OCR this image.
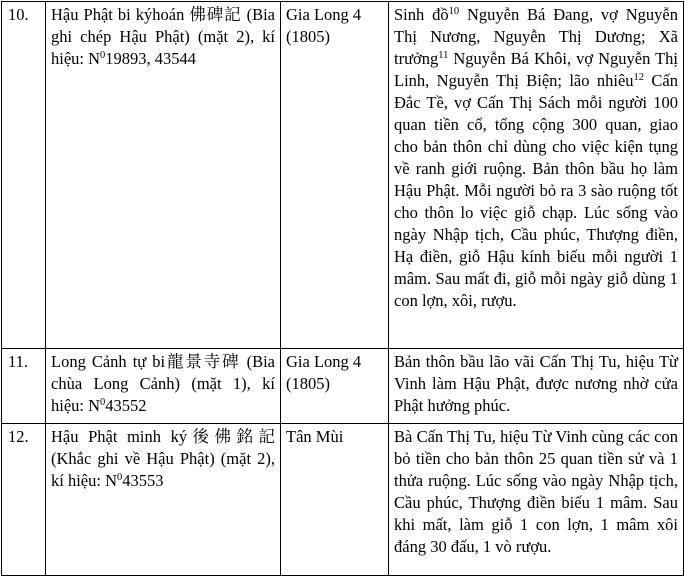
10.	Hậu Phật bi kýhoán 佛碑記 (Bia ghi chép Hậu Phật) (mặt 2), kí hiệu: $N^019893$, 43544	Gia Long 4 (1805)	Sinh đồ$^{10}$ Nguyễn Bá Đang, vợ Nguyễn Thị Nương, Nguyễn Thị Dương; Xã trưởng$^{11}$ Nguyễn Bá Khôi, vợ Nguyễn Thị Linh, Nguyễn Thị Biện; lão nhiêu$^{12}$ Cấn Đắc Tề, vợ Cấn Thị Sách mỗi người 100 quan tiền cổ, tổng cộng 300 quan, giao cho bản thôn chỉ dùng cho việc kiện tụng về ranh giới ruộng. Bản thôn bầu họ làm Hậu Phật. Mỗi người bỏ ra 3 sào ruộng tốt cho thôn lo việc giỗ chạp. Lúc sống vào ngày Nhập tịch, Cầu phúc, Thượng điền, Hạ điền, giỗ Hậu kính biếu mỗi người 1 mâm. Sau mất đi, giỗ mỗi ngày giỗ dùng 1 con lợn, xôi, rượu.
11.	Long Cảnh tự bi龍景寺碑 (Bia chùa Long Cảnh) (mặt 1), kí hiệu: $N^043552$	Gia Long 4 (1805)	Bản thôn bầu lão vãi Cấn Thị Tu, hiệu Từ Vinh làm Hậu Phật, được nương nhờ cửa Phật hưởng phúc.
12.	Hậu Phật minh ký後佛銘記 (Khắc ghi về Hậu Phật) (mặt 2), kí hiệu: $N^043553$	Tân Mùi	Bà Cấn Thị Tu, hiệu Từ Vinh cùng các con bỏ tiền cho bản thôn 25 quan tiền sử và 1 thửa ruộng. Lúc sống vào ngày Nhập tịch, Cầu phúc, Thượng điền biếu 1 mâm. Sau khi mất, làm giỗ 1 con lợn, 1 mâm xôi đáng 30 đấu, 1 vò rượu.
